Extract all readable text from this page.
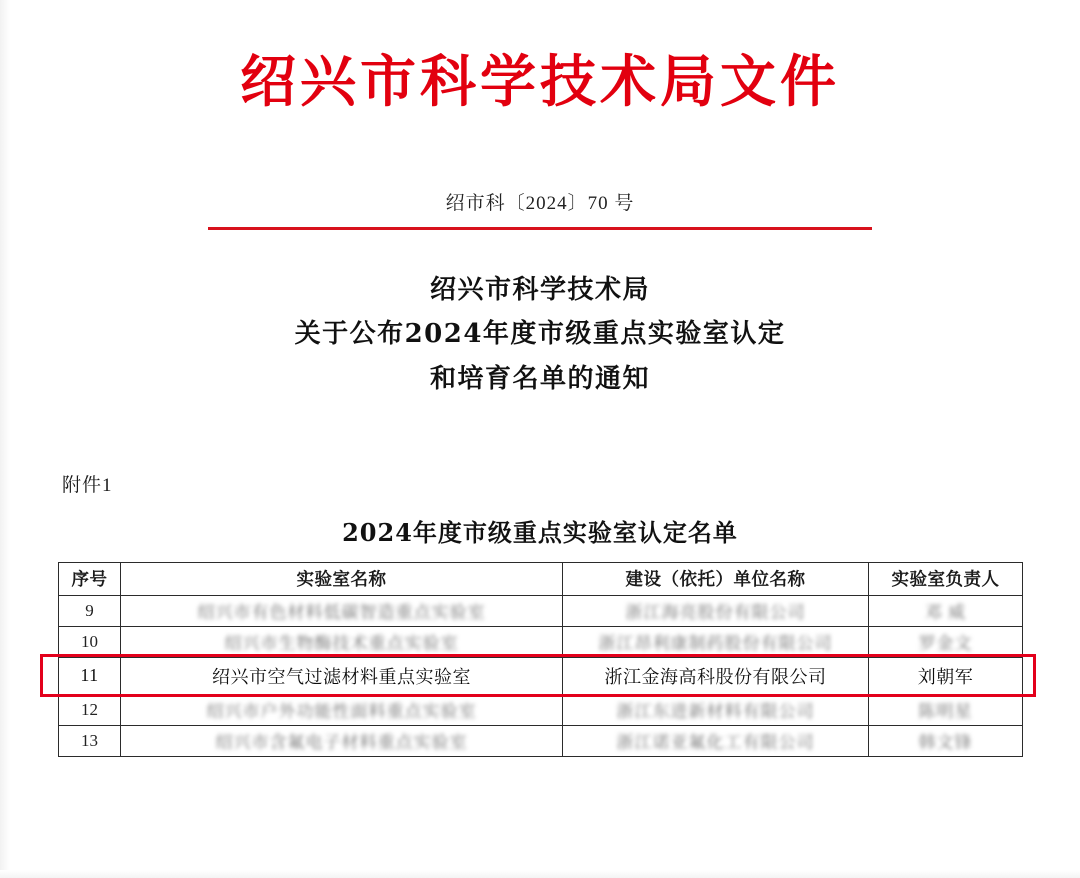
绍兴市科学技术局文件
绍市科〔2024〕70 号
绍兴市科学技术局
关于公布2024年度市级重点实验室认定
和培育名单的通知
附件1
2024年度市级重点实验室认定名单
序号	实验室名称	建设（依托）单位名称	实验室负责人
9	绍兴市有色材料低碳智造重点实验室	浙江海亮股份有限公司	邓 威
10	绍兴市生物酶技术重点实验室	浙江昂利康制药股份有限公司	罗金文
11	绍兴市空气过滤材料重点实验室	浙江金海高科股份有限公司	刘朝军
12	绍兴市户外功能性面料重点实验室	浙江东进新材料有限公司	陈明星
13	绍兴市含氟电子材料重点实验室	浙江诺亚氟化工有限公司	韩文锋
